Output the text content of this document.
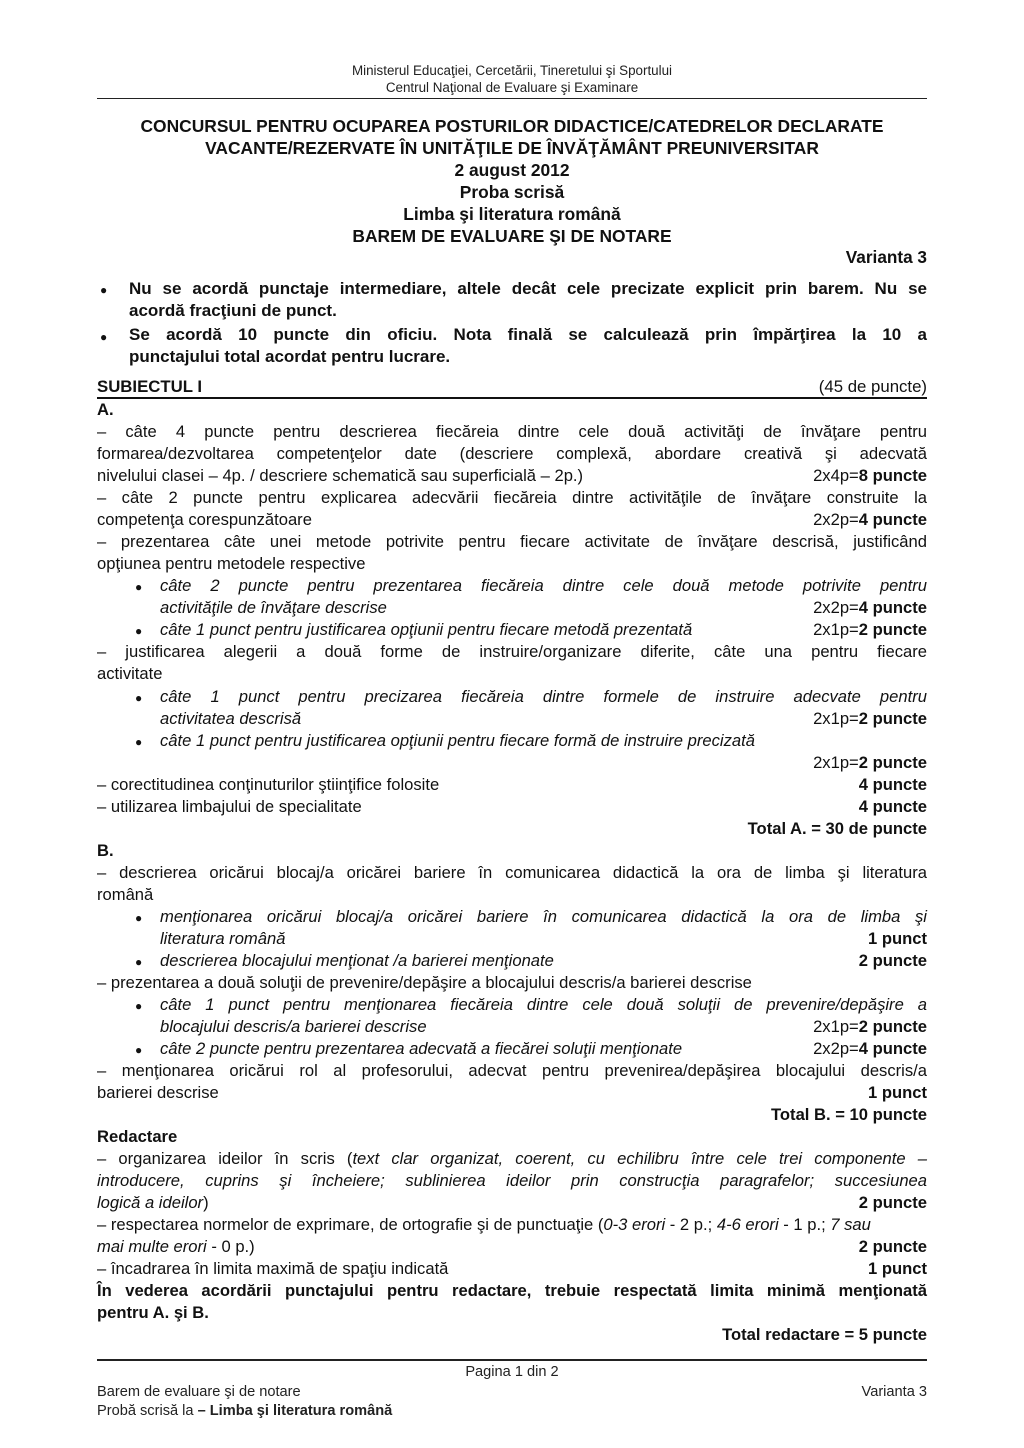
Ministerul Educaţiei, Cercetării, Tineretului şi Sportului
Centrul Naţional de Evaluare şi Examinare
CONCURSUL PENTRU OCUPAREA POSTURILOR DIDACTICE/CATEDRELOR DECLARATE
VACANTE/REZERVATE ÎN UNITĂŢILE DE ÎNVĂŢĂMÂNT PREUNIVERSITAR
2 august 2012
Proba scrisă
Limba şi literatura română
BAREM DE EVALUARE ŞI DE NOTARE
Varianta 3
● Nu se acordă punctaje intermediare, altele decât cele precizate explicit prin barem. Nu se
acordă fracţiuni de punct.
● Se acordă 10 puncte din oficiu. Nota finală se calculează prin împărţirea la 10 a
punctajului total acordat pentru lucrare.
SUBIECTUL I	(45 de puncte)
A.
– câte 4 puncte pentru descrierea fiecăreia dintre cele două activităţi de învăţare pentru
formarea/dezvoltarea competenţelor date (descriere complexă, abordare creativă şi adecvată
nivelului clasei – 4p. / descriere schematică sau superficială – 2p.)	2x4p=8 puncte
– câte 2 puncte pentru explicarea adecvării fiecăreia dintre activităţile de învăţare construite la
competenţa corespunzătoare	2x2p=4 puncte
– prezentarea câte unei metode potrivite pentru fiecare activitate de învăţare descrisă, justificând
opţiunea pentru metodele respective
● câte 2 puncte pentru prezentarea fiecăreia dintre cele două metode potrivite pentru
activităţile de învăţare descrise	2x2p=4 puncte
● câte 1 punct pentru justificarea opţiunii pentru fiecare metodă prezentată	2x1p=2 puncte
– justificarea alegerii a două forme de instruire/organizare diferite, câte una pentru fiecare
activitate
● câte 1 punct pentru precizarea fiecăreia dintre formele de instruire adecvate pentru
activitatea descrisă	2x1p=2 puncte
● câte 1 punct pentru justificarea opţiunii pentru fiecare formă de instruire precizată
2x1p=2 puncte
– corectitudinea conţinuturilor ştiinţifice folosite	4 puncte
– utilizarea limbajului de specialitate	4 puncte
Total A. = 30 de puncte
B.
– descrierea oricărui blocaj/a oricărei bariere în comunicarea didactică la ora de limba şi literatura
română
● menţionarea oricărui blocaj/a oricărei bariere în comunicarea didactică la ora de limba şi
literatura română	1 punct
● descrierea blocajului menţionat /a barierei menţionate	2 puncte
– prezentarea a două soluţii de prevenire/depăşire a blocajului descris/a barierei descrise
● câte 1 punct pentru menţionarea fiecăreia dintre cele două soluţii de prevenire/depăşire a
blocajului descris/a barierei descrise	2x1p=2 puncte
● câte 2 puncte pentru prezentarea adecvată a fiecărei soluţii menţionate	2x2p=4 puncte
– menţionarea oricărui rol al profesorului, adecvat pentru prevenirea/depăşirea blocajului descris/a
barierei descrise	1 punct
Total B. = 10 puncte
Redactare
– organizarea ideilor în scris (text clar organizat, coerent, cu echilibru între cele trei componente –
introducere, cuprins şi încheiere; sublinierea ideilor prin construcţia paragrafelor; succesiunea
logică a ideilor)	2 puncte
– respectarea normelor de exprimare, de ortografie şi de punctuaţie (0-3 erori - 2 p.; 4-6 erori - 1 p.; 7 sau
mai multe erori - 0 p.)	2 puncte
– încadrarea în limita maximă de spaţiu indicată	1 punct
În vederea acordării punctajului pentru redactare, trebuie respectată limita minimă menţionată
pentru A. şi B.
Total redactare = 5 puncte
Pagina 1 din 2
Barem de evaluare şi de notare	Varianta 3
Probă scrisă la – Limba şi literatura română
